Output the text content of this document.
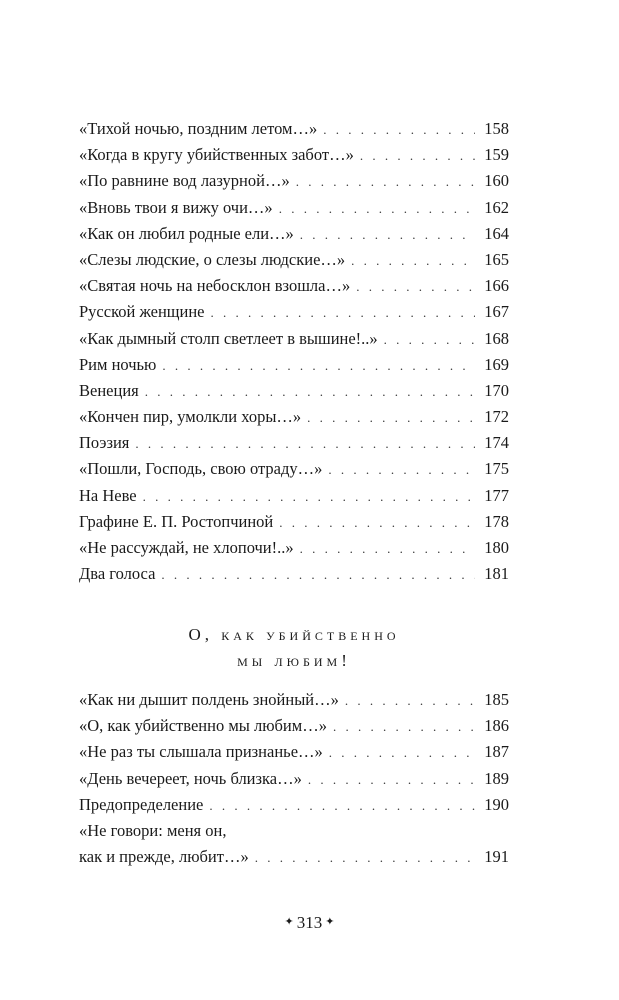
«Тихой ночью, поздним летом…» . . .	158
«Когда в кругу убийственных забот…» . . .	159
«По равнине вод лазурной…» . . .	160
«Вновь твои я вижу очи…» . . .	162
«Как он любил родные ели…» . . .	164
«Слезы людские, о слезы людские…» . . .	165
«Святая ночь на небосклон взошла…» . . .	166
Русской женщине . . .	167
«Как дымный столп светлеет в вышине!..» . . .	168
Рим ночью . . .	169
Венеция . . .	170
«Кончен пир, умолкли хоры…» . . .	172
Поэзия . . .	174
«Пошли, Господь, свою отраду…» . . .	175
На Неве . . .	177
Графине Е. П. Ростопчиной . . .	178
«Не рассуждай, не хлопочи!..» . . .	180
Два голоса . . .	181
О, как убийственно
мы любим!
«Как ни дышит полдень знойный…» . . .	185
«О, как убийственно мы любим…» . . .	186
«Не раз ты слышала признанье…» . . .	187
«День вечереет, ночь близка…» . . .	189
Предопределение . . .	190
«Не говори: меня он,
как и прежде, любит…» . . .	191
✦ 313 ✦
